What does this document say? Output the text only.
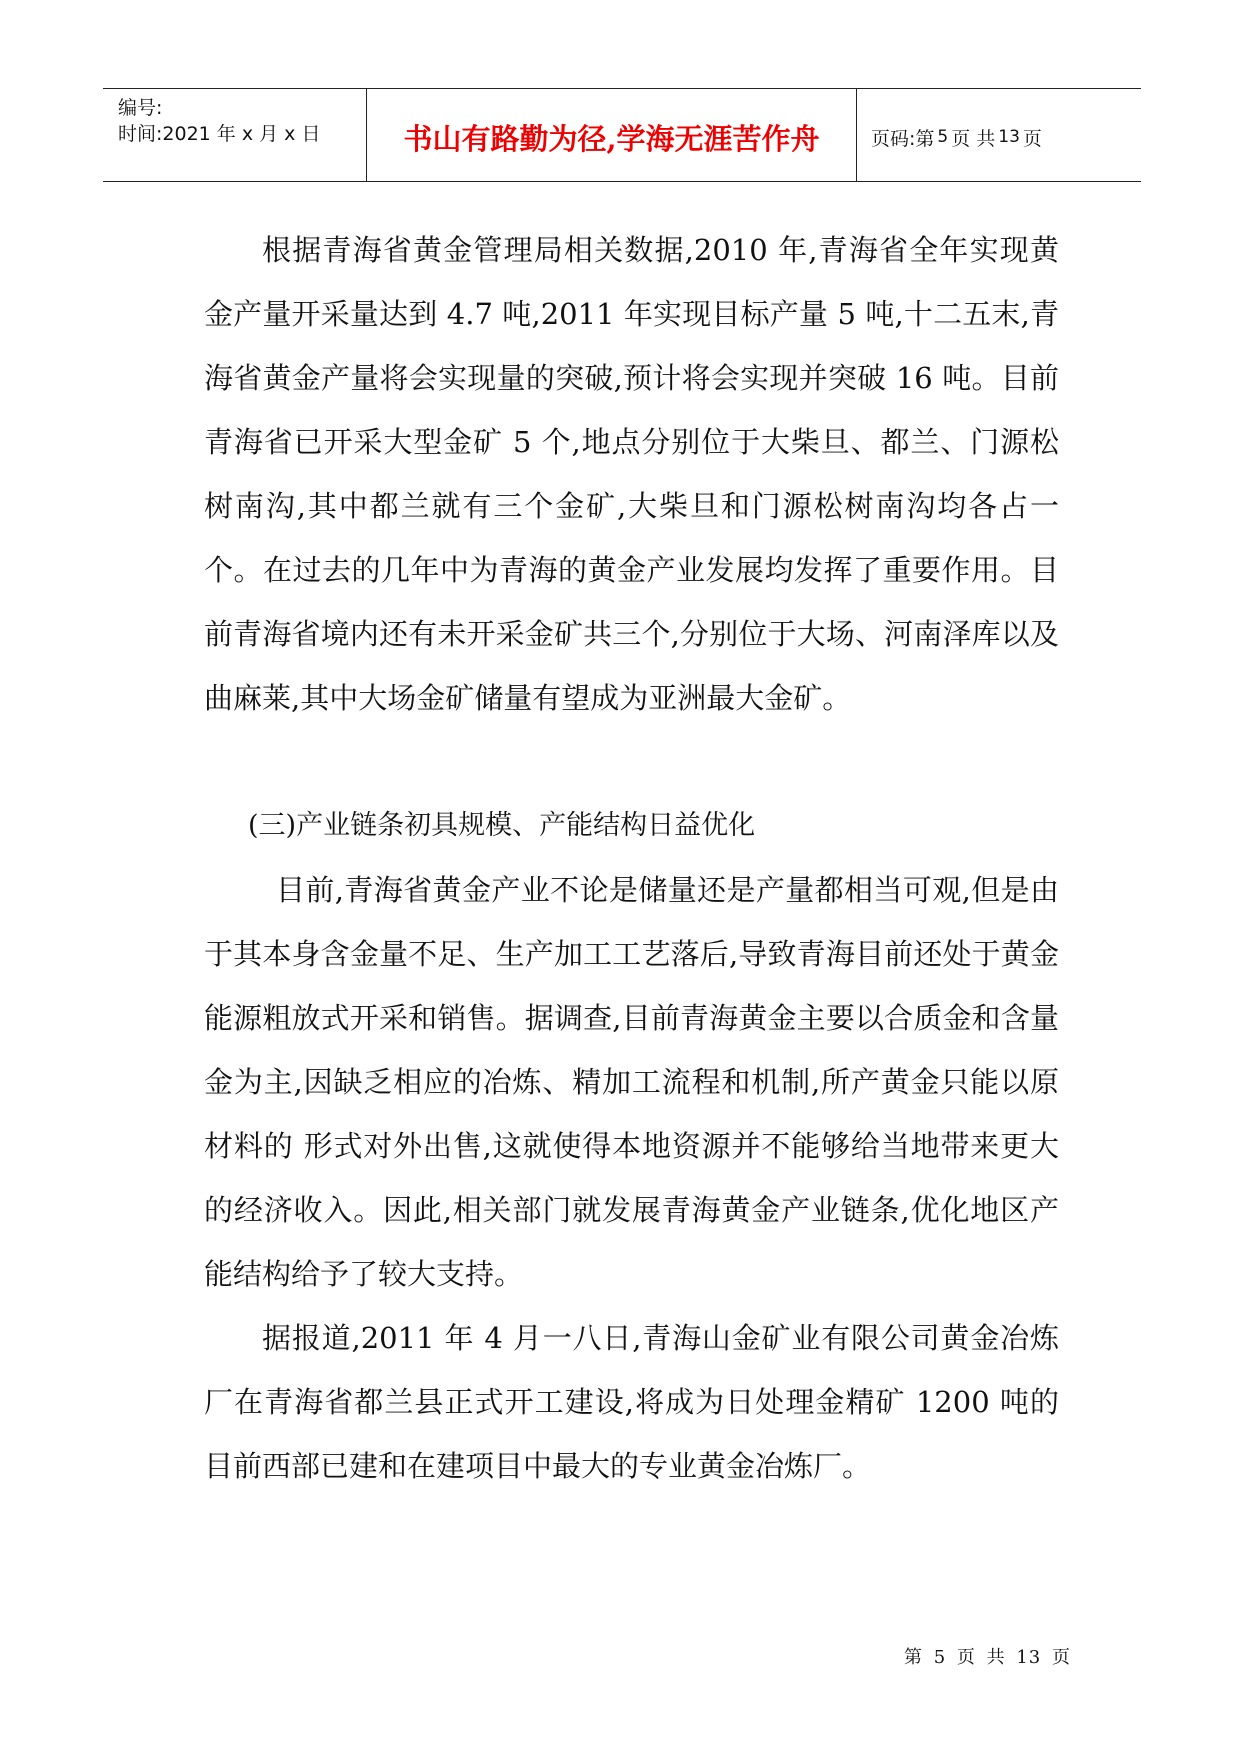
编号:
时间:2021 年 x 月 x 日	书山有路勤为径,学海无涯苦作舟	页码:第 5 页 共 13 页

根据青海省黄金管理局相关数据,2010 年,青海省全年实现黄金产量开采量达到 4.7 吨,2011 年实现目标产量 5 吨,十二五末,青海省黄金产量将会实现量的突破,预计将会实现并突破 16 吨。目前青海省已开采大型金矿 5 个,地点分别位于大柴旦、都兰、门源松树南沟,其中都兰就有三个金矿,大柴旦和门源松树南沟均各占一个。在过去的几年中为青海的黄金产业发展均发挥了重要作用。目前青海省境内还有未开采金矿共三个,分别位于大场、河南泽库以及曲麻莱,其中大场金矿储量有望成为亚洲最大金矿。

(三)产业链条初具规模、产能结构日益优化

目前,青海省黄金产业不论是储量还是产量都相当可观,但是由于其本身含金量不足、生产加工工艺落后,导致青海目前还处于黄金能源粗放式开采和销售。据调查,目前青海黄金主要以合质金和含量金为主,因缺乏相应的冶炼、精加工流程和机制,所产黄金只能以原材料的 形式对外出售,这就使得本地资源并不能够给当地带来更大的经济收入。因此,相关部门就发展青海黄金产业链条,优化地区产能结构给予了较大支持。

据报道,2011 年 4 月一八日,青海山金矿业有限公司黄金冶炼厂在青海省都兰县正式开工建设,将成为日处理金精矿 1200 吨的目前西部已建和在建项目中最大的专业黄金冶炼厂。

第 5 页 共 13 页
